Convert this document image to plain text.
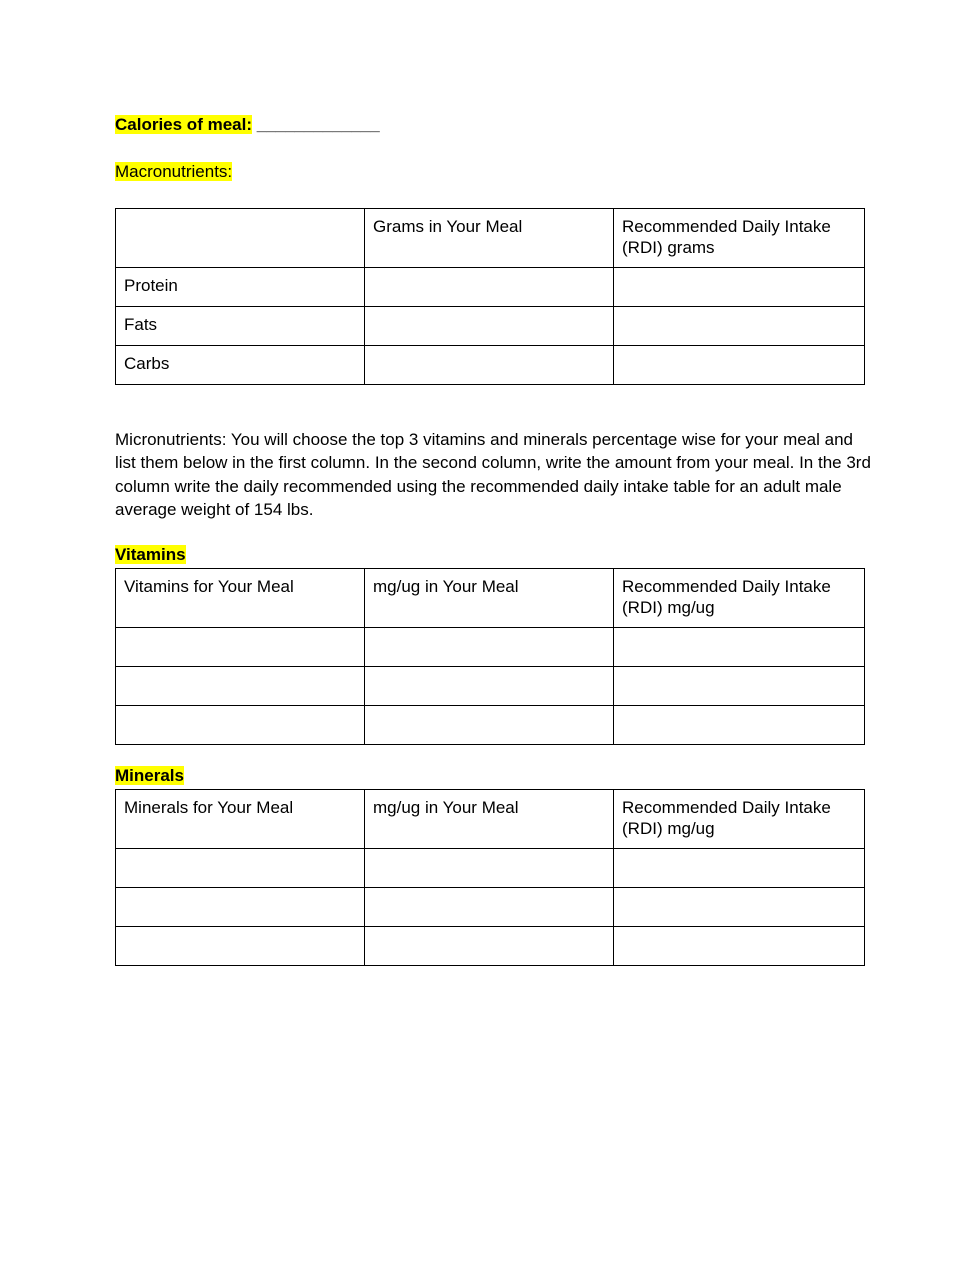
Calories of meal: _____________
Macronutrients:
	Grams in Your Meal	Recommended Daily Intake (RDI) grams
Protein		
Fats		
Carbs		
Micronutrients: You will choose the top 3 vitamins and minerals percentage wise for your meal and list them below in the first column. In the second column, write the amount from your meal. In the 3rd column write the daily recommended using the recommended daily intake table for an adult male average weight of 154 lbs.
Vitamins
Vitamins for Your Meal	mg/ug in Your Meal	Recommended Daily Intake (RDI) mg/ug

Minerals
Minerals for Your Meal	mg/ug in Your Meal	Recommended Daily Intake (RDI) mg/ug
